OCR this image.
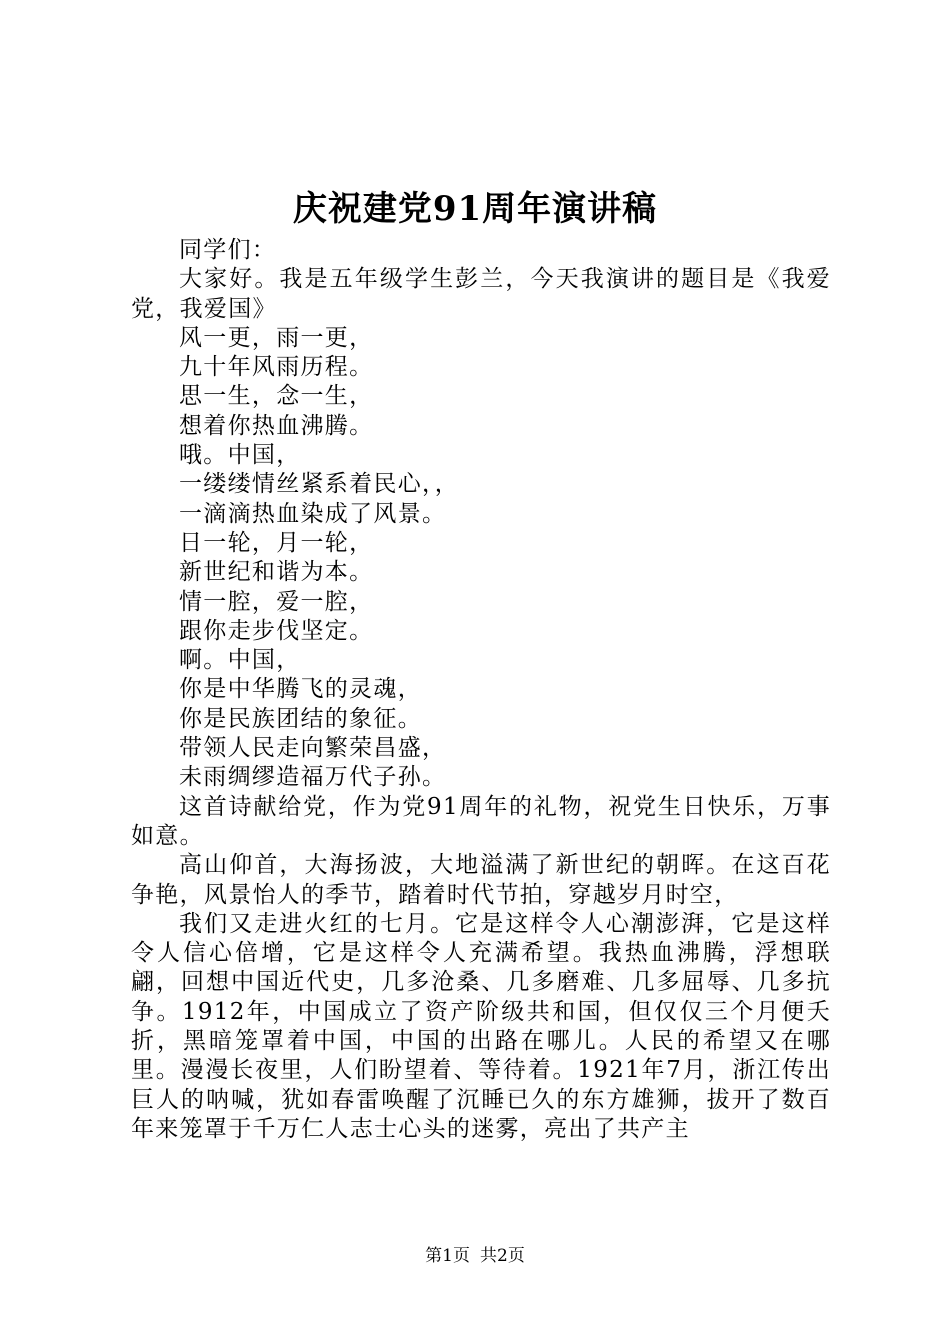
庆祝建党91周年演讲稿

同学们：

大家好。我是五年级学生彭兰，今天我演讲的题目是《我爱党，我爱国》

风一更，雨一更，

九十年风雨历程。

思一生，念一生，

想着你热血沸腾。

哦。中国，

一缕缕情丝紧系着民心，，

一滴滴热血染成了风景。

日一轮，月一轮，

新世纪和谐为本。

情一腔，爱一腔，

跟你走步伐坚定。

啊。中国，

你是中华腾飞的灵魂，

你是民族团结的象征。

带领人民走向繁荣昌盛，

未雨绸缪造福万代子孙。

这首诗献给党，作为党91周年的礼物，祝党生日快乐，万事如意。

高山仰首，大海扬波，大地溢满了新世纪的朝晖。在这百花争艳，风景怡人的季节，踏着时代节拍，穿越岁月时空，

我们又走进火红的七月。它是这样令人心潮澎湃，它是这样令人信心倍增，它是这样令人充满希望。我热血沸腾，浮想联翩，回想中国近代史，几多沧桑、几多磨难、几多屈辱、几多抗争。1912年，中国成立了资产阶级共和国，但仅仅三个月便夭折，黑暗笼罩着中国，中国的出路在哪儿。人民的希望又在哪里。漫漫长夜里，人们盼望着、等待着。1921年7月，浙江传出巨人的呐喊，犹如春雷唤醒了沉睡已久的东方雄狮，拔开了数百年来笼罩于千万仁人志士心头的迷雾，亮出了共产主

第1页 共2页
